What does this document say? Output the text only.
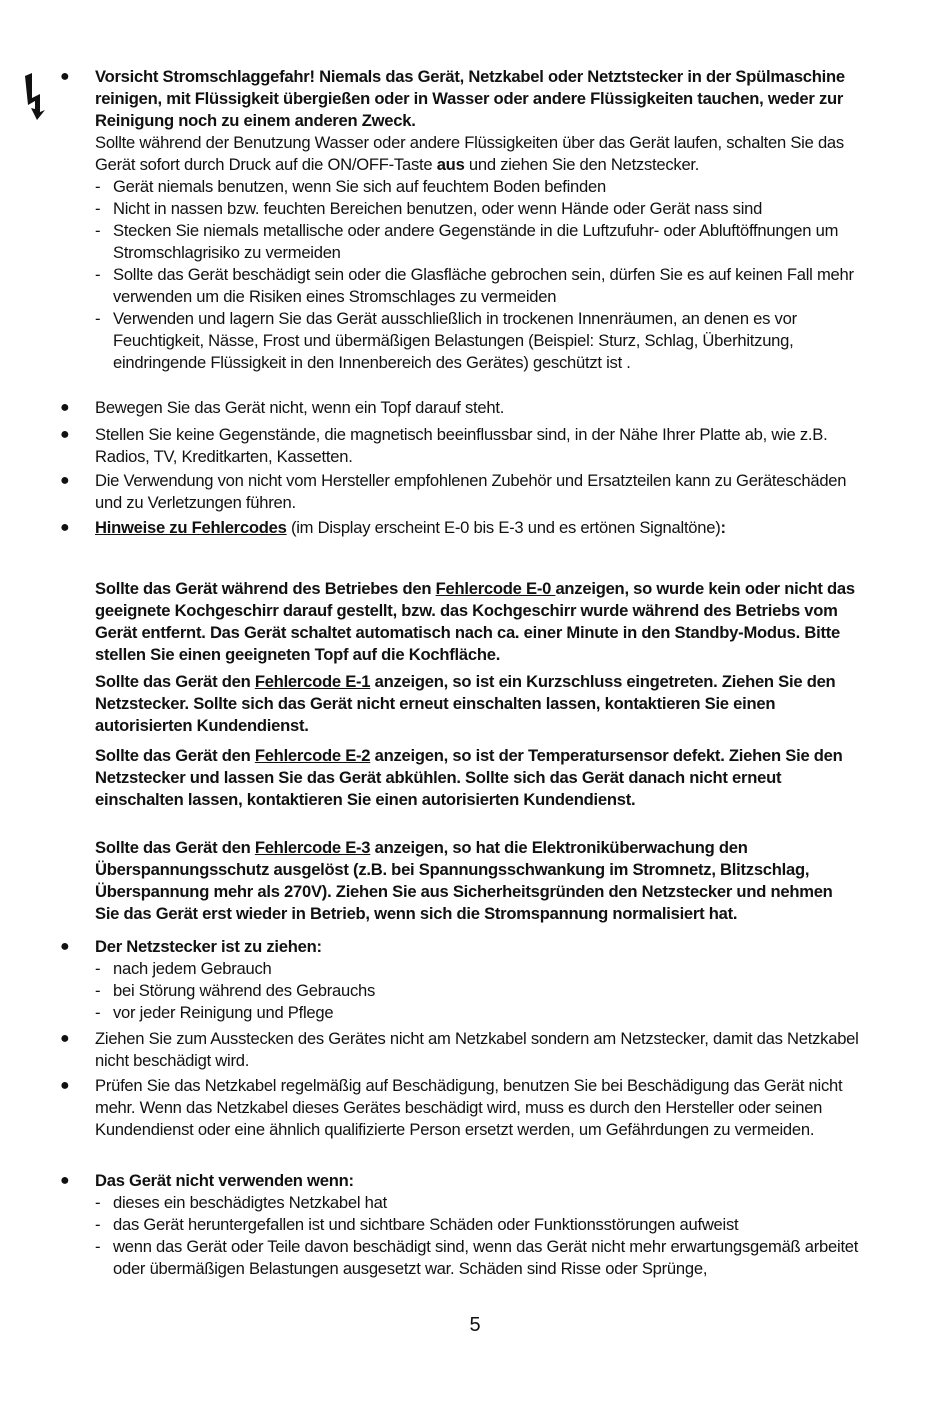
● Vorsicht Stromschlaggefahr! Niemals das Gerät, Netzkabel oder Netztstecker in der Spülmaschine reinigen, mit Flüssigkeit übergießen oder in Wasser oder andere Flüssigkeiten tauchen, weder zur Reinigung noch zu einem anderen Zweck.

Sollte während der Benutzung Wasser oder andere Flüssigkeiten über das Gerät laufen, schalten Sie das Gerät sofort durch Druck auf die ON/OFF-Taste aus und ziehen Sie den Netzstecker.

- Gerät niemals benutzen, wenn Sie sich auf feuchtem Boden befinden
- Nicht in nassen bzw. feuchten Bereichen benutzen, oder wenn Hände oder Gerät nass sind
- Stecken Sie niemals metallische oder andere Gegenstände in die Luftzufuhr- oder Abluftöffnungen um Stromschlagrisiko zu vermeiden
- Sollte das Gerät beschädigt sein oder die Glasfläche gebrochen sein, dürfen Sie es auf keinen Fall mehr verwenden um die Risiken eines Stromschlages zu vermeiden
- Verwenden und lagern Sie das Gerät ausschließlich in trockenen Innenräumen, an denen es vor Feuchtigkeit, Nässe, Frost und übermäßigen Belastungen (Beispiel: Sturz, Schlag, Überhitzung, eindringende Flüssigkeit in den Innenbereich des Gerätes) geschützt ist .
● Bewegen Sie das Gerät nicht, wenn ein Topf darauf steht.

● Stellen Sie keine Gegenstände, die magnetisch beeinflussbar sind, in der Nähe Ihrer Platte ab, wie z.B. Radios, TV, Kreditkarten, Kassetten.

● Die Verwendung von nicht vom Hersteller empfohlenen Zubehör und Ersatzteilen kann zu Geräteschäden und zu Verletzungen führen.

● Hinweise zu Fehlercodes (im Display erscheint E-0 bis E-3 und es ertönen Signaltöne):

Sollte das Gerät während des Betriebes den Fehlercode E-0 anzeigen, so wurde kein oder nicht das geeignete Kochgeschirr darauf gestellt, bzw. das Kochgeschirr wurde während des Betriebs vom Gerät entfernt. Das Gerät schaltet automatisch nach ca. einer Minute in den Standby-Modus. Bitte stellen Sie einen geeigneten Topf auf die Kochfläche.

Sollte das Gerät den Fehlercode E-1 anzeigen, so ist ein Kurzschluss eingetreten. Ziehen Sie den Netzstecker. Sollte sich das Gerät nicht erneut einschalten lassen, kontaktieren Sie einen autorisierten Kundendienst.

Sollte das Gerät den Fehlercode E-2 anzeigen, so ist der Temperatursensor defekt. Ziehen Sie den Netzstecker und lassen Sie das Gerät abkühlen. Sollte sich das Gerät danach nicht erneut einschalten lassen, kontaktieren Sie einen autorisierten Kundendienst.

Sollte das Gerät den Fehlercode E-3 anzeigen, so hat die Elektroniküberwachung den Überspannungsschutz ausgelöst (z.B. bei Spannungsschwankung im Stromnetz, Blitzschlag, Überspannung mehr als 270V). Ziehen Sie aus Sicherheitsgründen den Netzstecker und nehmen Sie das Gerät erst wieder in Betrieb, wenn sich die Stromspannung normalisiert hat.

● Der Netzstecker ist zu ziehen:

- nach jedem Gebrauch
- bei Störung während des Gebrauchs
- vor jeder Reinigung und Pflege
● Ziehen Sie zum Ausstecken des Gerätes nicht am Netzkabel sondern am Netzstecker, damit das Netzkabel nicht beschädigt wird.

● Prüfen Sie das Netzkabel regelmäßig auf Beschädigung, benutzen Sie bei Beschädigung das Gerät nicht mehr. Wenn das Netzkabel dieses Gerätes beschädigt wird, muss es durch den Hersteller oder seinen Kundendienst oder eine ähnlich qualifizierte Person ersetzt werden, um Gefährdungen zu vermeiden.

● Das Gerät nicht verwenden wenn:

- dieses ein beschädigtes Netzkabel hat
- das Gerät heruntergefallen ist und sichtbare Schäden oder Funktionsstörungen aufweist
- wenn das Gerät oder Teile davon beschädigt sind, wenn das Gerät nicht mehr erwartungsgemäß arbeitet oder übermäßigen Belastungen ausgesetzt war. Schäden sind Risse oder Sprünge,
5
